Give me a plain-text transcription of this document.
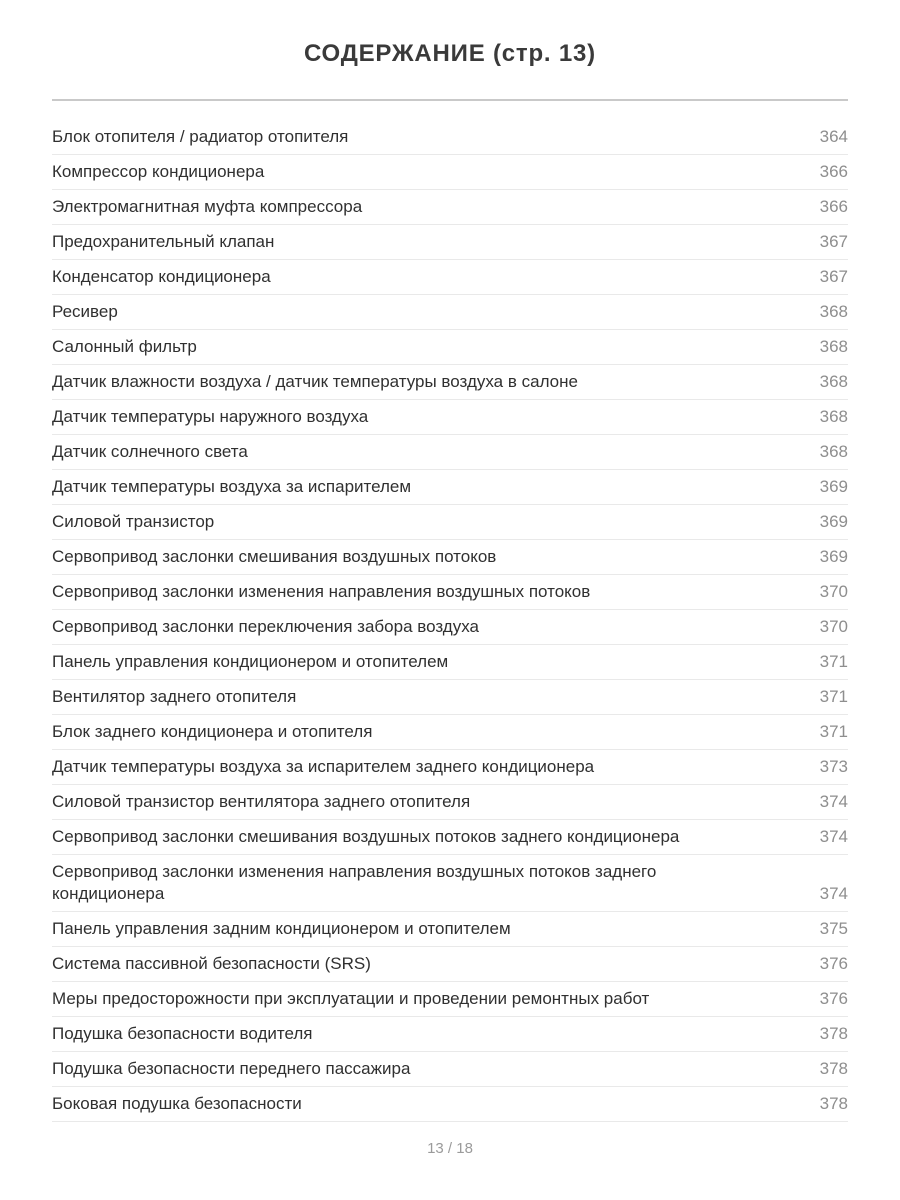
СОДЕРЖАНИЕ (стр. 13)
Блок отопителя / радиатор отопителя	364
Компрессор кондиционера	366
Электромагнитная муфта компрессора	366
Предохранительный клапан	367
Конденсатор кондиционера	367
Ресивер	368
Салонный фильтр	368
Датчик влажности воздуха / датчик температуры воздуха в салоне	368
Датчик температуры наружного воздуха	368
Датчик солнечного света	368
Датчик температуры воздуха за испарителем	369
Силовой транзистор	369
Сервопривод заслонки смешивания воздушных потоков	369
Сервопривод заслонки изменения направления воздушных потоков	370
Сервопривод заслонки переключения забора воздуха	370
Панель управления кондиционером и отопителем	371
Вентилятор заднего отопителя	371
Блок заднего кондиционера и отопителя	371
Датчик температуры воздуха за испарителем заднего кондиционера	373
Силовой транзистор вентилятора заднего отопителя	374
Сервопривод заслонки смешивания воздушных потоков заднего кондиционера	374
Сервопривод заслонки изменения направления воздушных потоков заднего кондиционера	374
Панель управления задним кондиционером и отопителем	375
Система пассивной безопасности (SRS)	376
Меры предосторожности при эксплуатации и проведении ремонтных работ	376
Подушка безопасности водителя	378
Подушка безопасности переднего пассажира	378
Боковая подушка безопасности	378
13 / 18
